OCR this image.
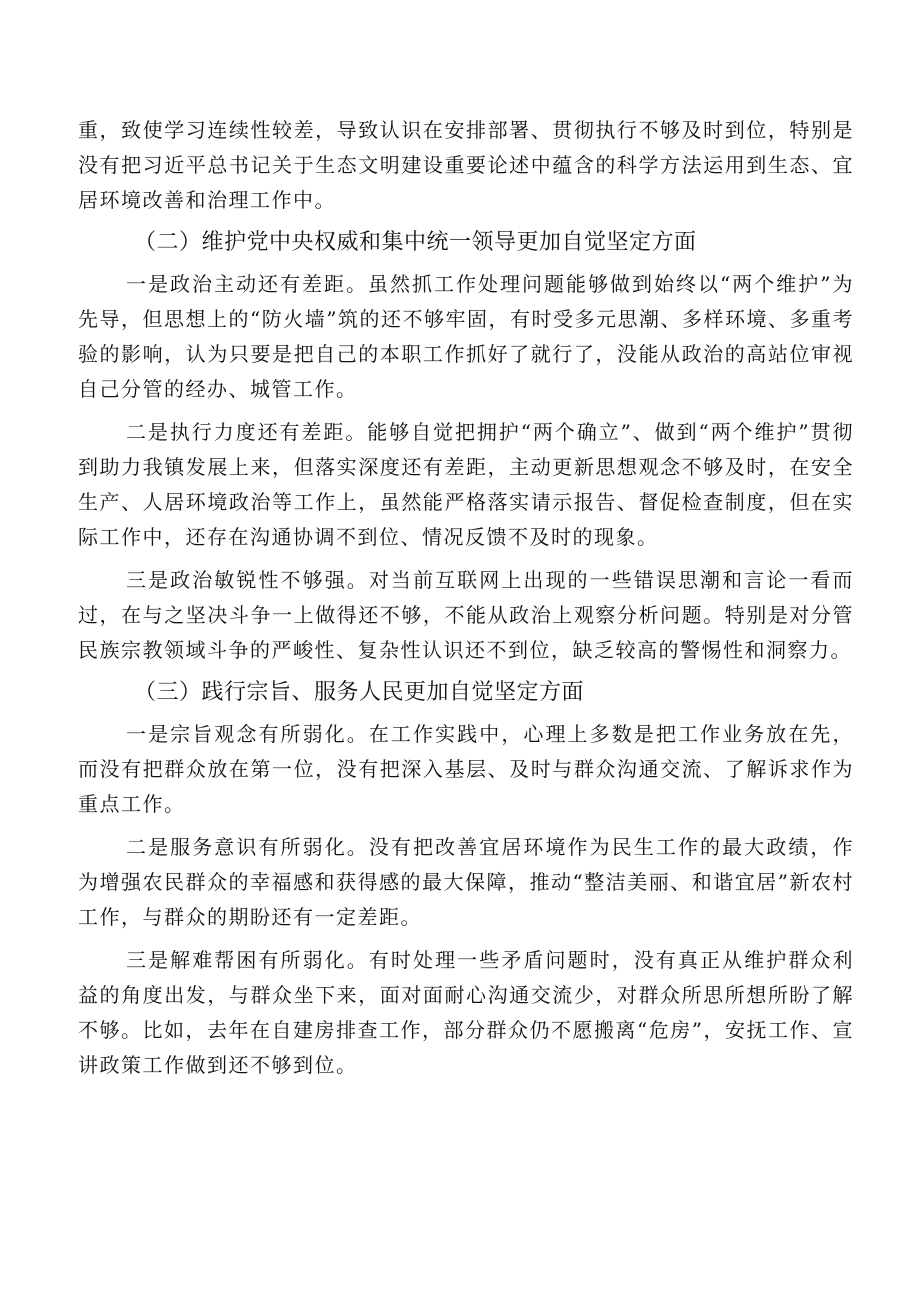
重，致使学习连续性较差，导致认识在安排部署、贯彻执行不够及时到位，特别是没有把习近平总书记关于生态文明建设重要论述中蕴含的科学方法运用到生态、宜居环境改善和治理工作中。

（二）维护党中央权威和集中统一领导更加自觉坚定方面

一是政治主动还有差距。虽然抓工作处理问题能够做到始终以“两个维护”为先导，但思想上的“防火墙”筑的还不够牢固，有时受多元思潮、多样环境、多重考验的影响，认为只要是把自己的本职工作抓好了就行了，没能从政治的高站位审视自己分管的经办、城管工作。

二是执行力度还有差距。能够自觉把拥护“两个确立”、做到“两个维护”贯彻到助力我镇发展上来，但落实深度还有差距，主动更新思想观念不够及时，在安全生产、人居环境政治等工作上，虽然能严格落实请示报告、督促检查制度，但在实际工作中，还存在沟通协调不到位、情况反馈不及时的现象。

三是政治敏锐性不够强。对当前互联网上出现的一些错误思潮和言论一看而过，在与之坚决斗争一上做得还不够，不能从政治上观察分析问题。特别是对分管民族宗教领域斗争的严峻性、复杂性认识还不到位，缺乏较高的警惕性和洞察力。

（三）践行宗旨、服务人民更加自觉坚定方面

一是宗旨观念有所弱化。在工作实践中，心理上多数是把工作业务放在先，而没有把群众放在第一位，没有把深入基层、及时与群众沟通交流、了解诉求作为重点工作。

二是服务意识有所弱化。没有把改善宜居环境作为民生工作的最大政绩，作为增强农民群众的幸福感和获得感的最大保障，推动“整洁美丽、和谐宜居”新农村工作，与群众的期盼还有一定差距。

三是解难帮困有所弱化。有时处理一些矛盾问题时，没有真正从维护群众利益的角度出发，与群众坐下来，面对面耐心沟通交流少，对群众所思所想所盼了解不够。比如，去年在自建房排查工作，部分群众仍不愿搬离“危房”，安抚工作、宣讲政策工作做到还不够到位。
